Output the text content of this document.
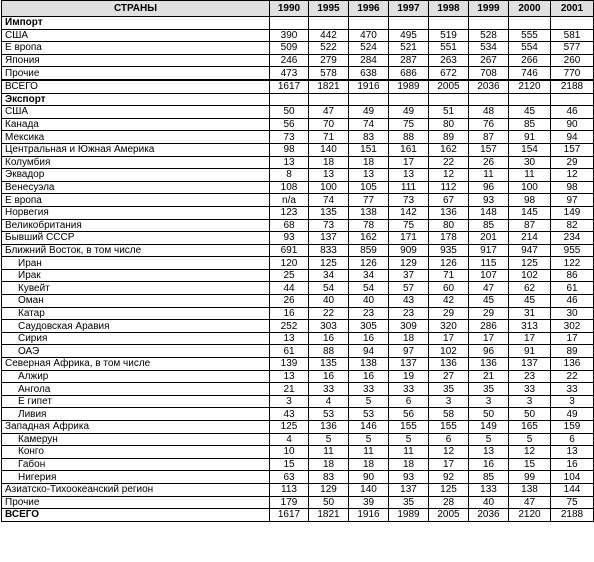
СТРАНЫ	1990	1995	1996	1997	1998	1999	2000	2001
Импорт								
США	390	442	470	495	519	528	555	581
Е вропа	509	522	524	521	551	534	554	577
Япония	246	279	284	287	263	267	266	260
Прочие	473	578	638	686	672	708	746	770
ВСЕГО	1617	1821	1916	1989	2005	2036	2120	2188
Экспорт								
США	50	47	49	49	51	48	45	46
Канада	56	70	74	75	80	76	85	90
Мексика	73	71	83	88	89	87	91	94
Центральная и Южная Америка	98	140	151	161	162	157	154	157
Колумбия	13	18	18	17	22	26	30	29
Эквадор	8	13	13	13	12	11	11	12
Венесуэла	108	100	105	111	112	96	100	98
Е вропа	n/a	74	77	73	67	93	98	97
Норвегия	123	135	138	142	136	148	145	149
Великобритания	68	73	78	75	80	85	87	82
Бывший СССР	93	137	162	171	178	201	214	234
Ближний Восток, в том числе	691	833	859	909	935	917	947	955
Иран	120	125	126	129	126	115	125	122
Ирак	25	34	34	37	71	107	102	86
Кувейт	44	54	54	57	60	47	62	61
Оман	26	40	40	43	42	45	45	46
Катар	16	22	23	23	29	29	31	30
Саудовская Аравия	252	303	305	309	320	286	313	302
Сирия	13	16	16	18	17	17	17	17
ОАЭ	61	88	94	97	102	96	91	89
Северная Африка, в том числе	139	135	138	137	136	136	137	136
Алжир	13	16	16	19	27	21	23	22
Ангола	21	33	33	33	35	35	33	33
Е гипет	3	4	5	6	3	3	3	3
Ливия	43	53	53	56	58	50	50	49
Западная Африка	125	136	146	155	155	149	165	159
Камерун	4	5	5	5	6	5	5	6
Конго	10	11	11	11	12	13	12	13
Габон	15	18	18	18	17	16	15	16
Нигерия	63	83	90	93	92	85	99	104
Азиатско-Тихоокеанский регион	113	129	140	137	125	133	138	144
Прочие	179	50	39	35	28	40	47	75
ВСЕГО	1617	1821	1916	1989	2005	2036	2120	2188
